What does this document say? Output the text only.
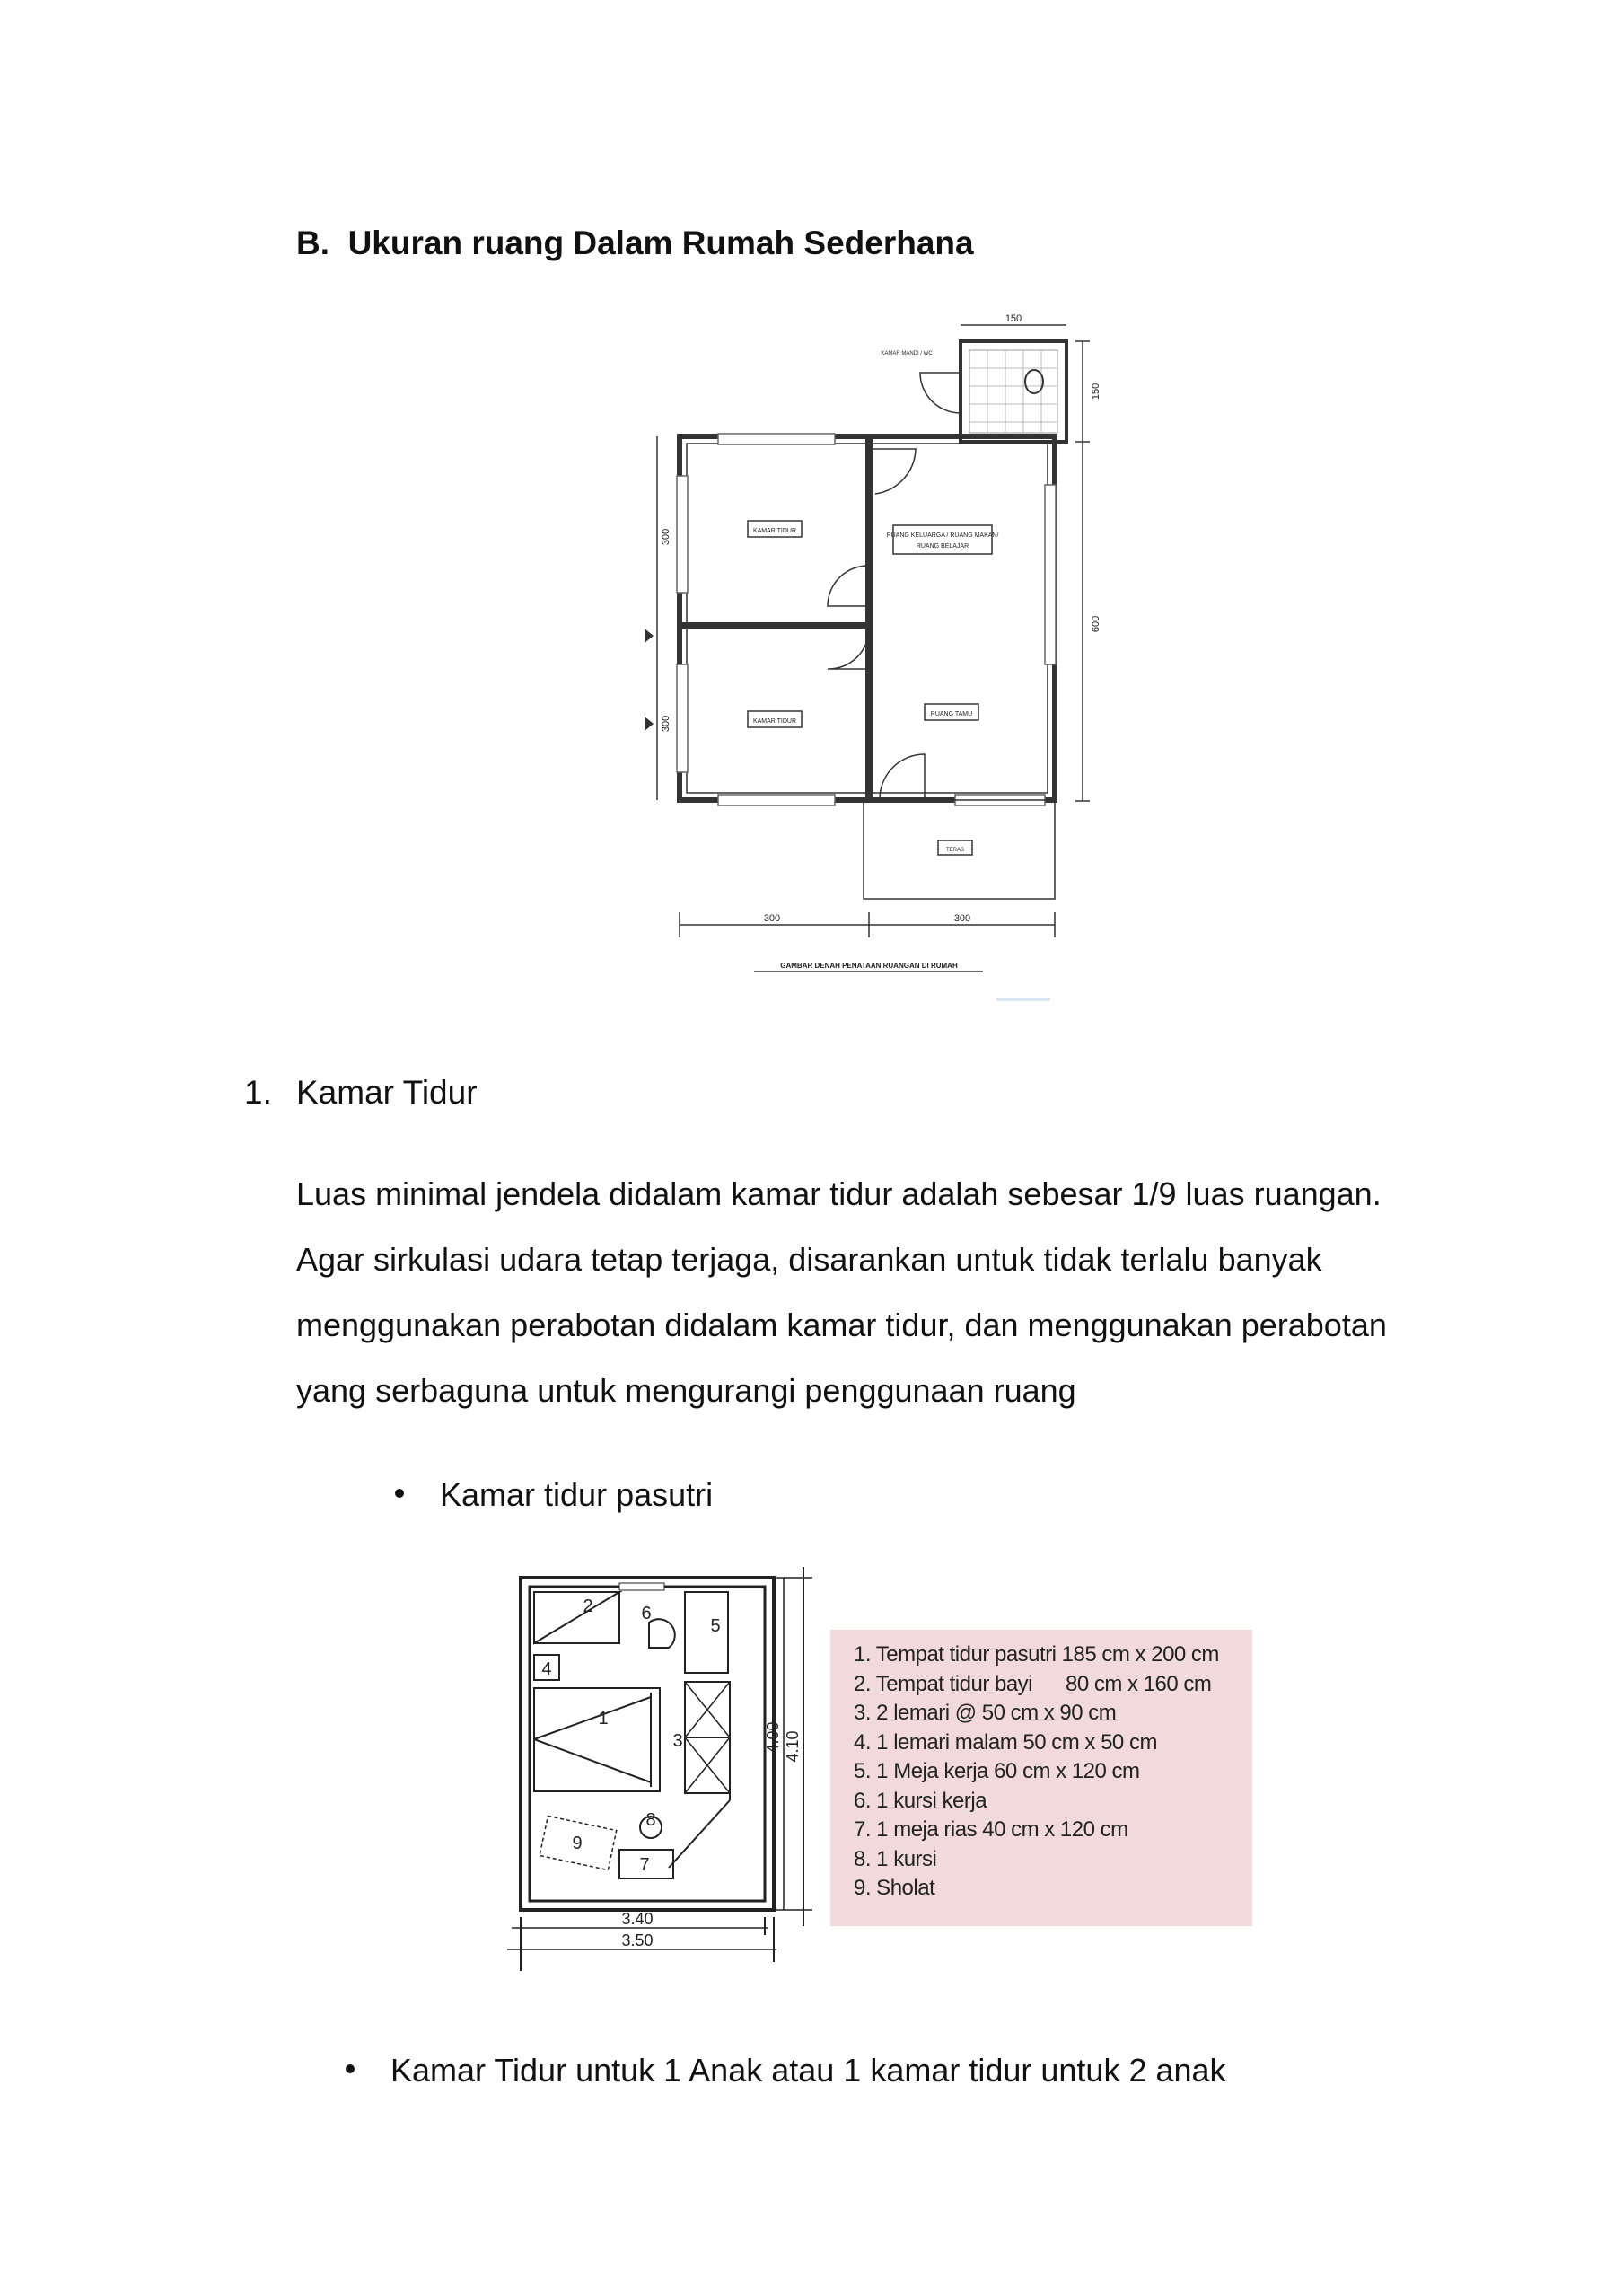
B. Ukuran ruang Dalam Rumah Sederhana
KAMAR TIDUR
KAMAR TIDUR
RUANG KELUARGA / RUANG MAKAN/
RUANG BELAJAR
RUANG TAMU
TERAS
KAMAR MANDI / WC
150
300	300
GAMBAR DENAH PENATAAN RUANGAN DI RUMAH
150
600
300
300
1. Kamar Tidur
Luas minimal jendela didalam kamar tidur adalah sebesar 1/9 luas ruangan.
Agar sirkulasi udara tetap terjaga, disarankan untuk tidak terlalu banyak
menggunakan perabotan didalam kamar tidur, dan menggunakan perabotan
yang serbaguna untuk mengurangi penggunaan ruang
Kamar tidur pasutri
1
2
3
4
5
6
7
8
9
3.40
3.50
4.00 4.10
1. Tempat tidur pasutri 185 cm x 200 cm
2. Tempat tidur bayi      80 cm x 160 cm
3. 2 lemari @ 50 cm x 90 cm
4. 1 lemari malam 50 cm x 50 cm
5. 1 Meja kerja 60 cm x 120 cm
6. 1 kursi kerja
7. 1 meja rias 40 cm x 120 cm
8. 1 kursi
9. Sholat
Kamar Tidur untuk 1 Anak atau 1 kamar tidur untuk 2 anak
